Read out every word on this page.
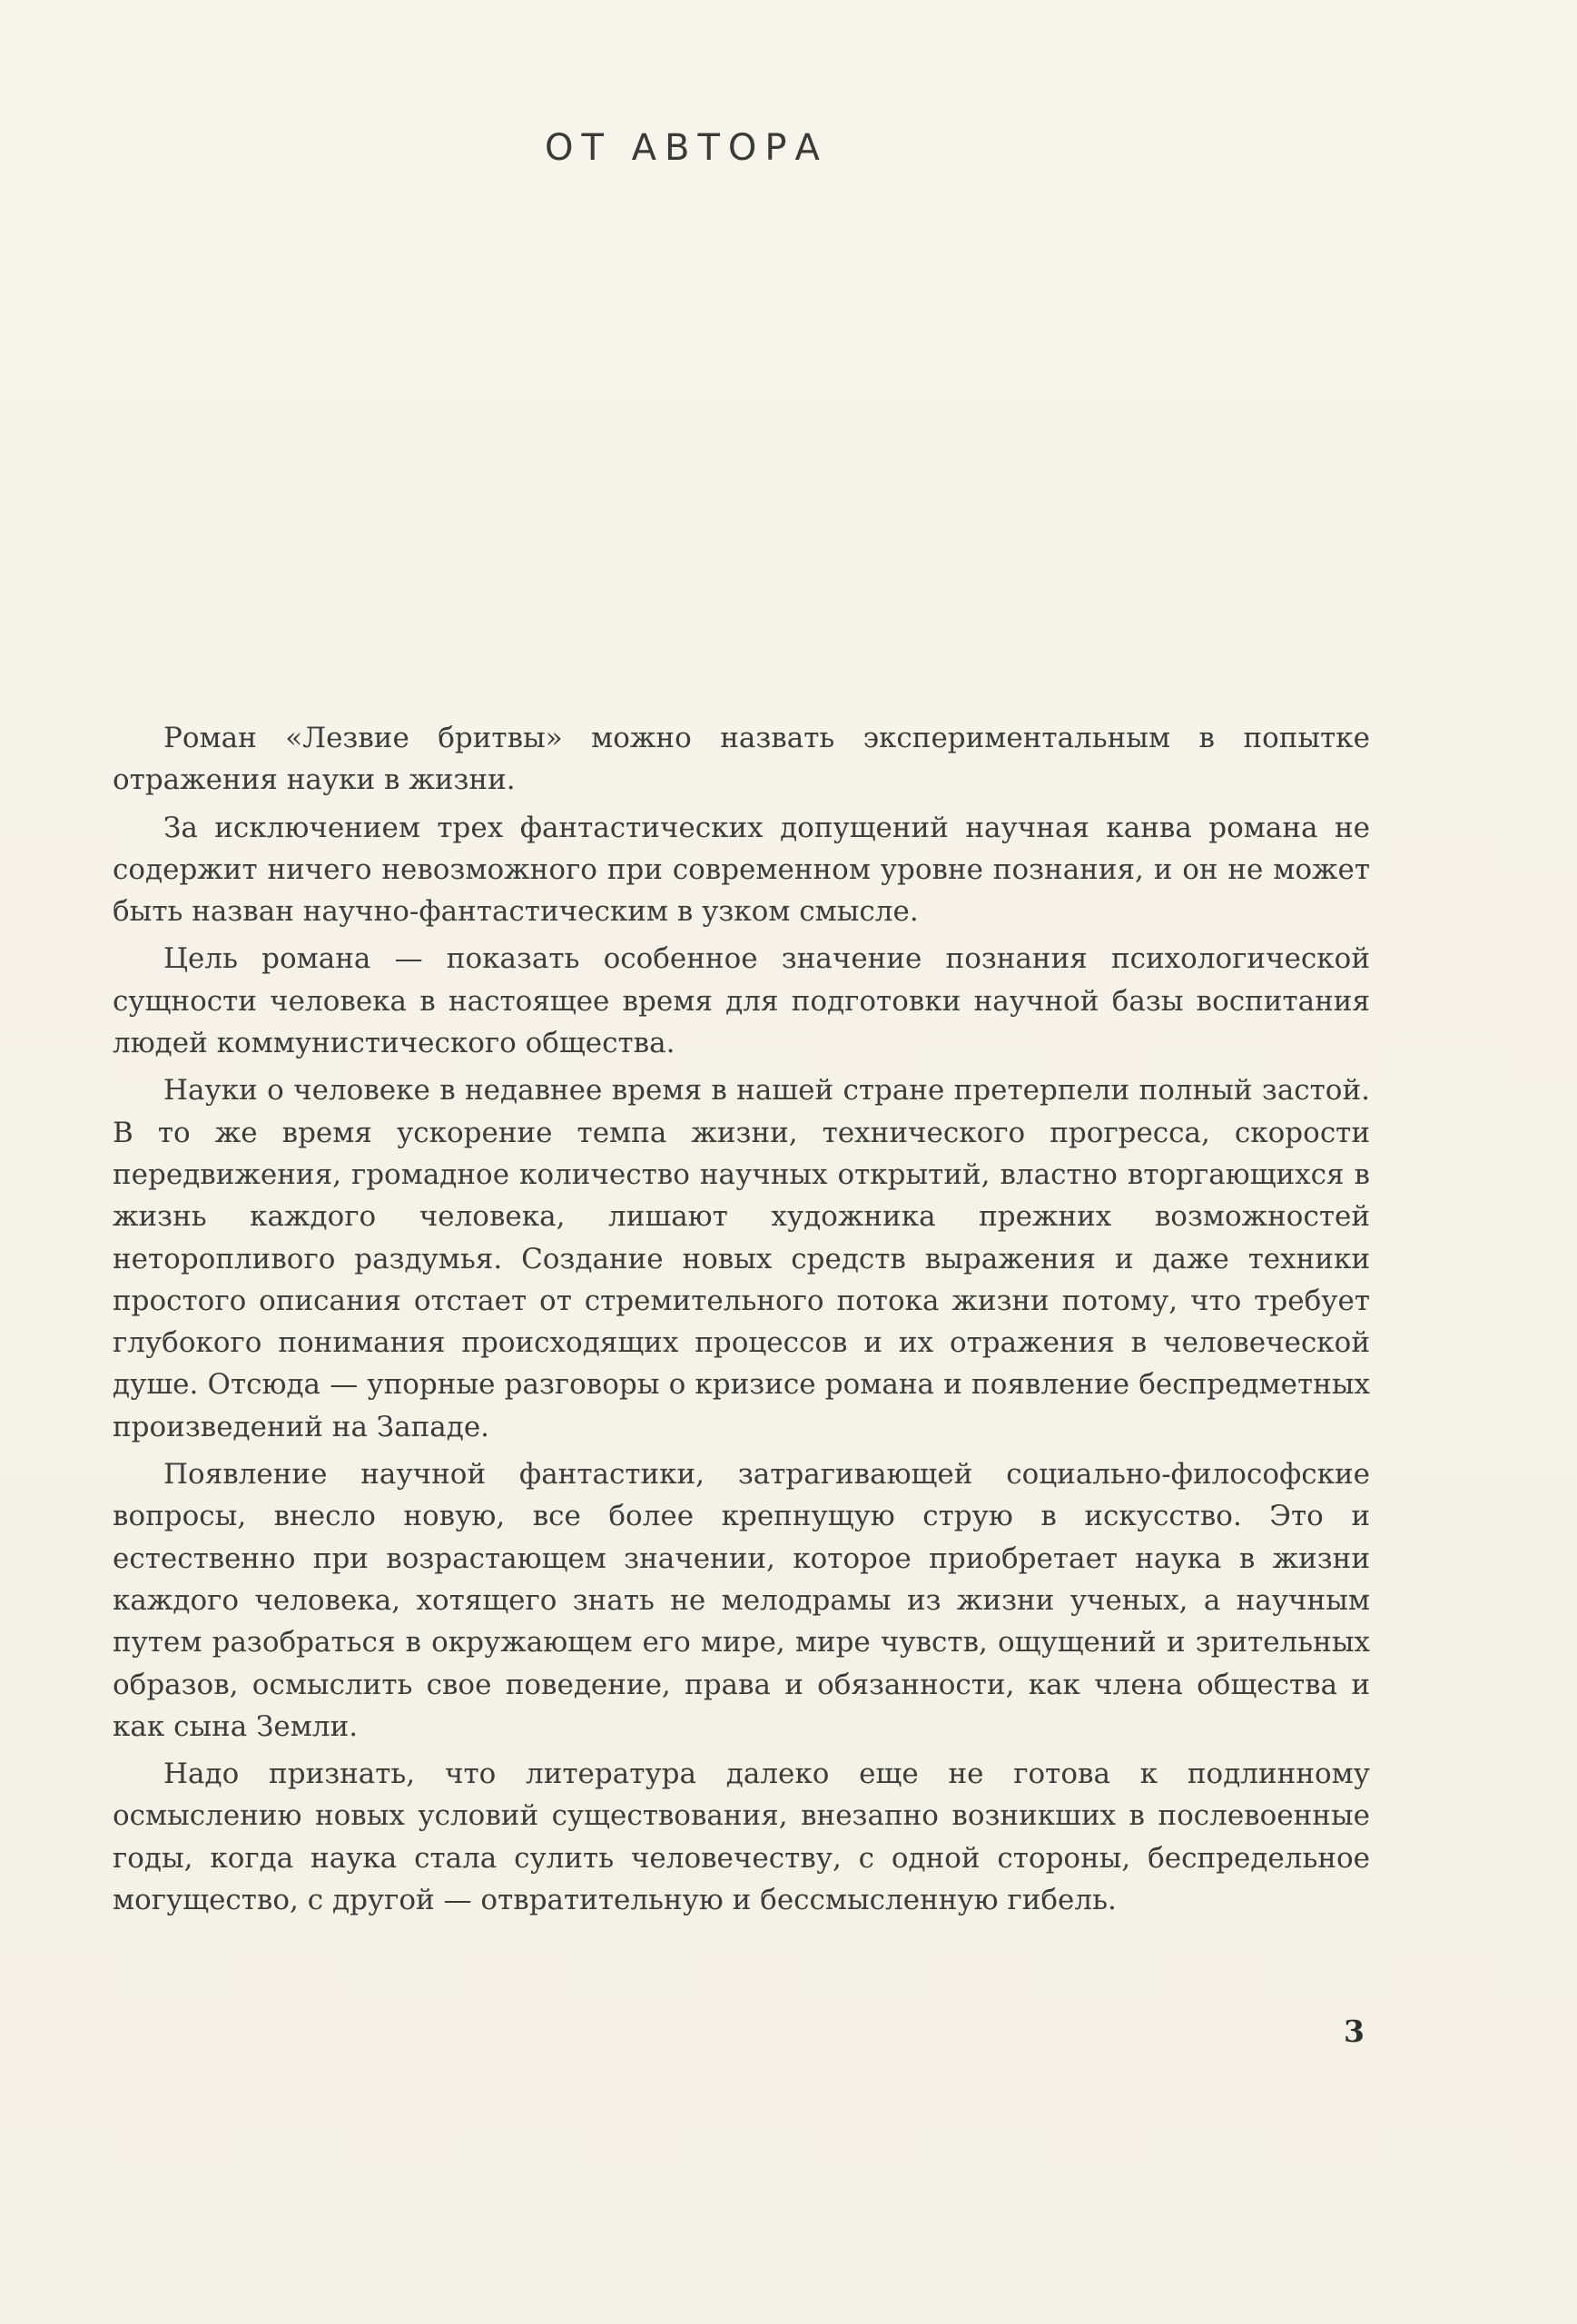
ОТ АВТОРА

Роман «Лезвие бритвы» можно назвать экспериментальным в попытке отражения науки в жизни.

За исключением трех фантастических допущений научная канва романа не содержит ничего невозможного при современном уровне познания, и он не может быть назван научно-фантастическим в узком смысле.

Цель романа — показать особенное значение познания психологической сущности человека в настоящее время для подготовки научной базы воспитания людей коммунистического общества.

Науки о человеке в недавнее время в нашей стране претерпели полный застой. В то же время ускорение темпа жизни, технического прогресса, скорости передвижения, громадное количество научных открытий, властно вторгающихся в жизнь каждого человека, лишают художника прежних возможностей неторопливого раздумья. Создание новых средств выражения и даже техники простого описания отстает от стремительного потока жизни потому, что требует глубокого понимания происходящих процессов и их отражения в человеческой душе. Отсюда — упорные разговоры о кризисе романа и появление беспредметных произведений на Западе.

Появление научной фантастики, затрагивающей социально-философские вопросы, внесло новую, все более крепнущую струю в искусство. Это и естественно при возрастающем значении, которое приобретает наука в жизни каждого человека, хотящего знать не мелодрамы из жизни ученых, а научным путем разобраться в окружающем его мире, мире чувств, ощущений и зрительных образов, осмыслить свое поведение, права и обязанности, как члена общества и как сына Земли.

Надо признать, что литература далеко еще не готова к подлинному осмыслению новых условий существования, внезапно возникших в послевоенные годы, когда наука стала сулить человечеству, с одной стороны, беспредельное могущество, с другой — отвратительную и бессмысленную гибель.

3
